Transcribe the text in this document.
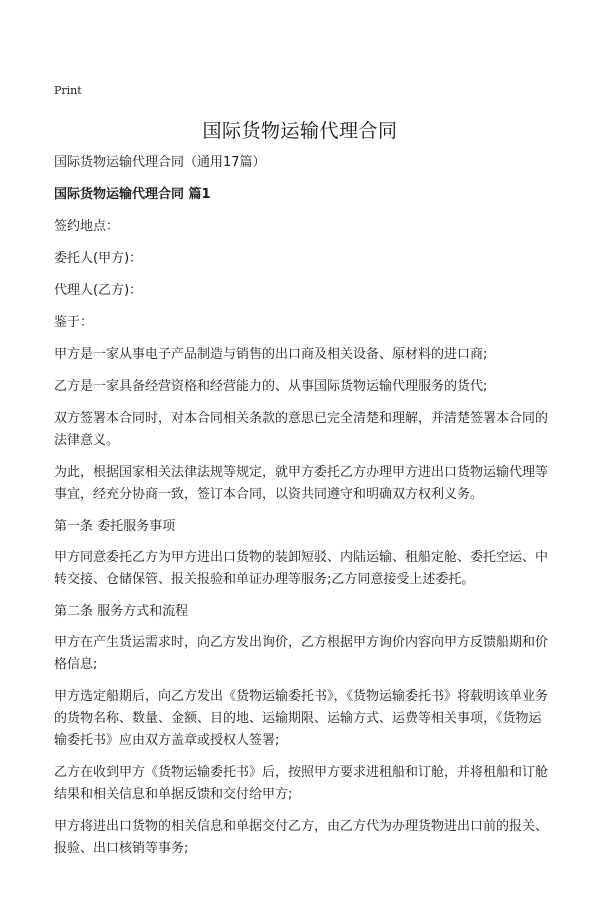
Print
国际货物运输代理合同

国际货物运输代理合同（通用17篇）

国际货物运输代理合同 篇1

签约地点：

委托人(甲方)：

代理人(乙方)：

鉴于：

甲方是一家从事电子产品制造与销售的出口商及相关设备、原材料的进口商;

乙方是一家具备经营资格和经营能力的、从事国际货物运输代理服务的货代;

双方签署本合同时，对本合同相关条款的意思已完全清楚和理解，并清楚签署本合同的法律意义。

为此，根据国家相关法律法规等规定，就甲方委托乙方办理甲方进出口货物运输代理等事宜，经充分协商一致，签订本合同，以资共同遵守和明确双方权利义务。

第一条 委托服务事项

甲方同意委托乙方为甲方进出口货物的装卸短驳、内陆运输、租船定舱、委托空运、中转交接、仓储保管、报关报验和单证办理等服务;乙方同意接受上述委托。

第二条 服务方式和流程

甲方在产生货运需求时，向乙方发出询价，乙方根据甲方询价内容向甲方反馈船期和价格信息;

甲方选定船期后，向乙方发出《货物运输委托书》，《货物运输委托书》将载明该单业务的货物名称、数量、金额、目的地、运输期限、运输方式、运费等相关事项，《货物运输委托书》应由双方盖章或授权人签署;

乙方在收到甲方《货物运输委托书》后，按照甲方要求进租船和订舱，并将租船和订舱结果和相关信息和单据反馈和交付给甲方;

甲方将进出口货物的相关信息和单据交付乙方，由乙方代为办理货物进出口前的报关、报验、出口核销等事务;
